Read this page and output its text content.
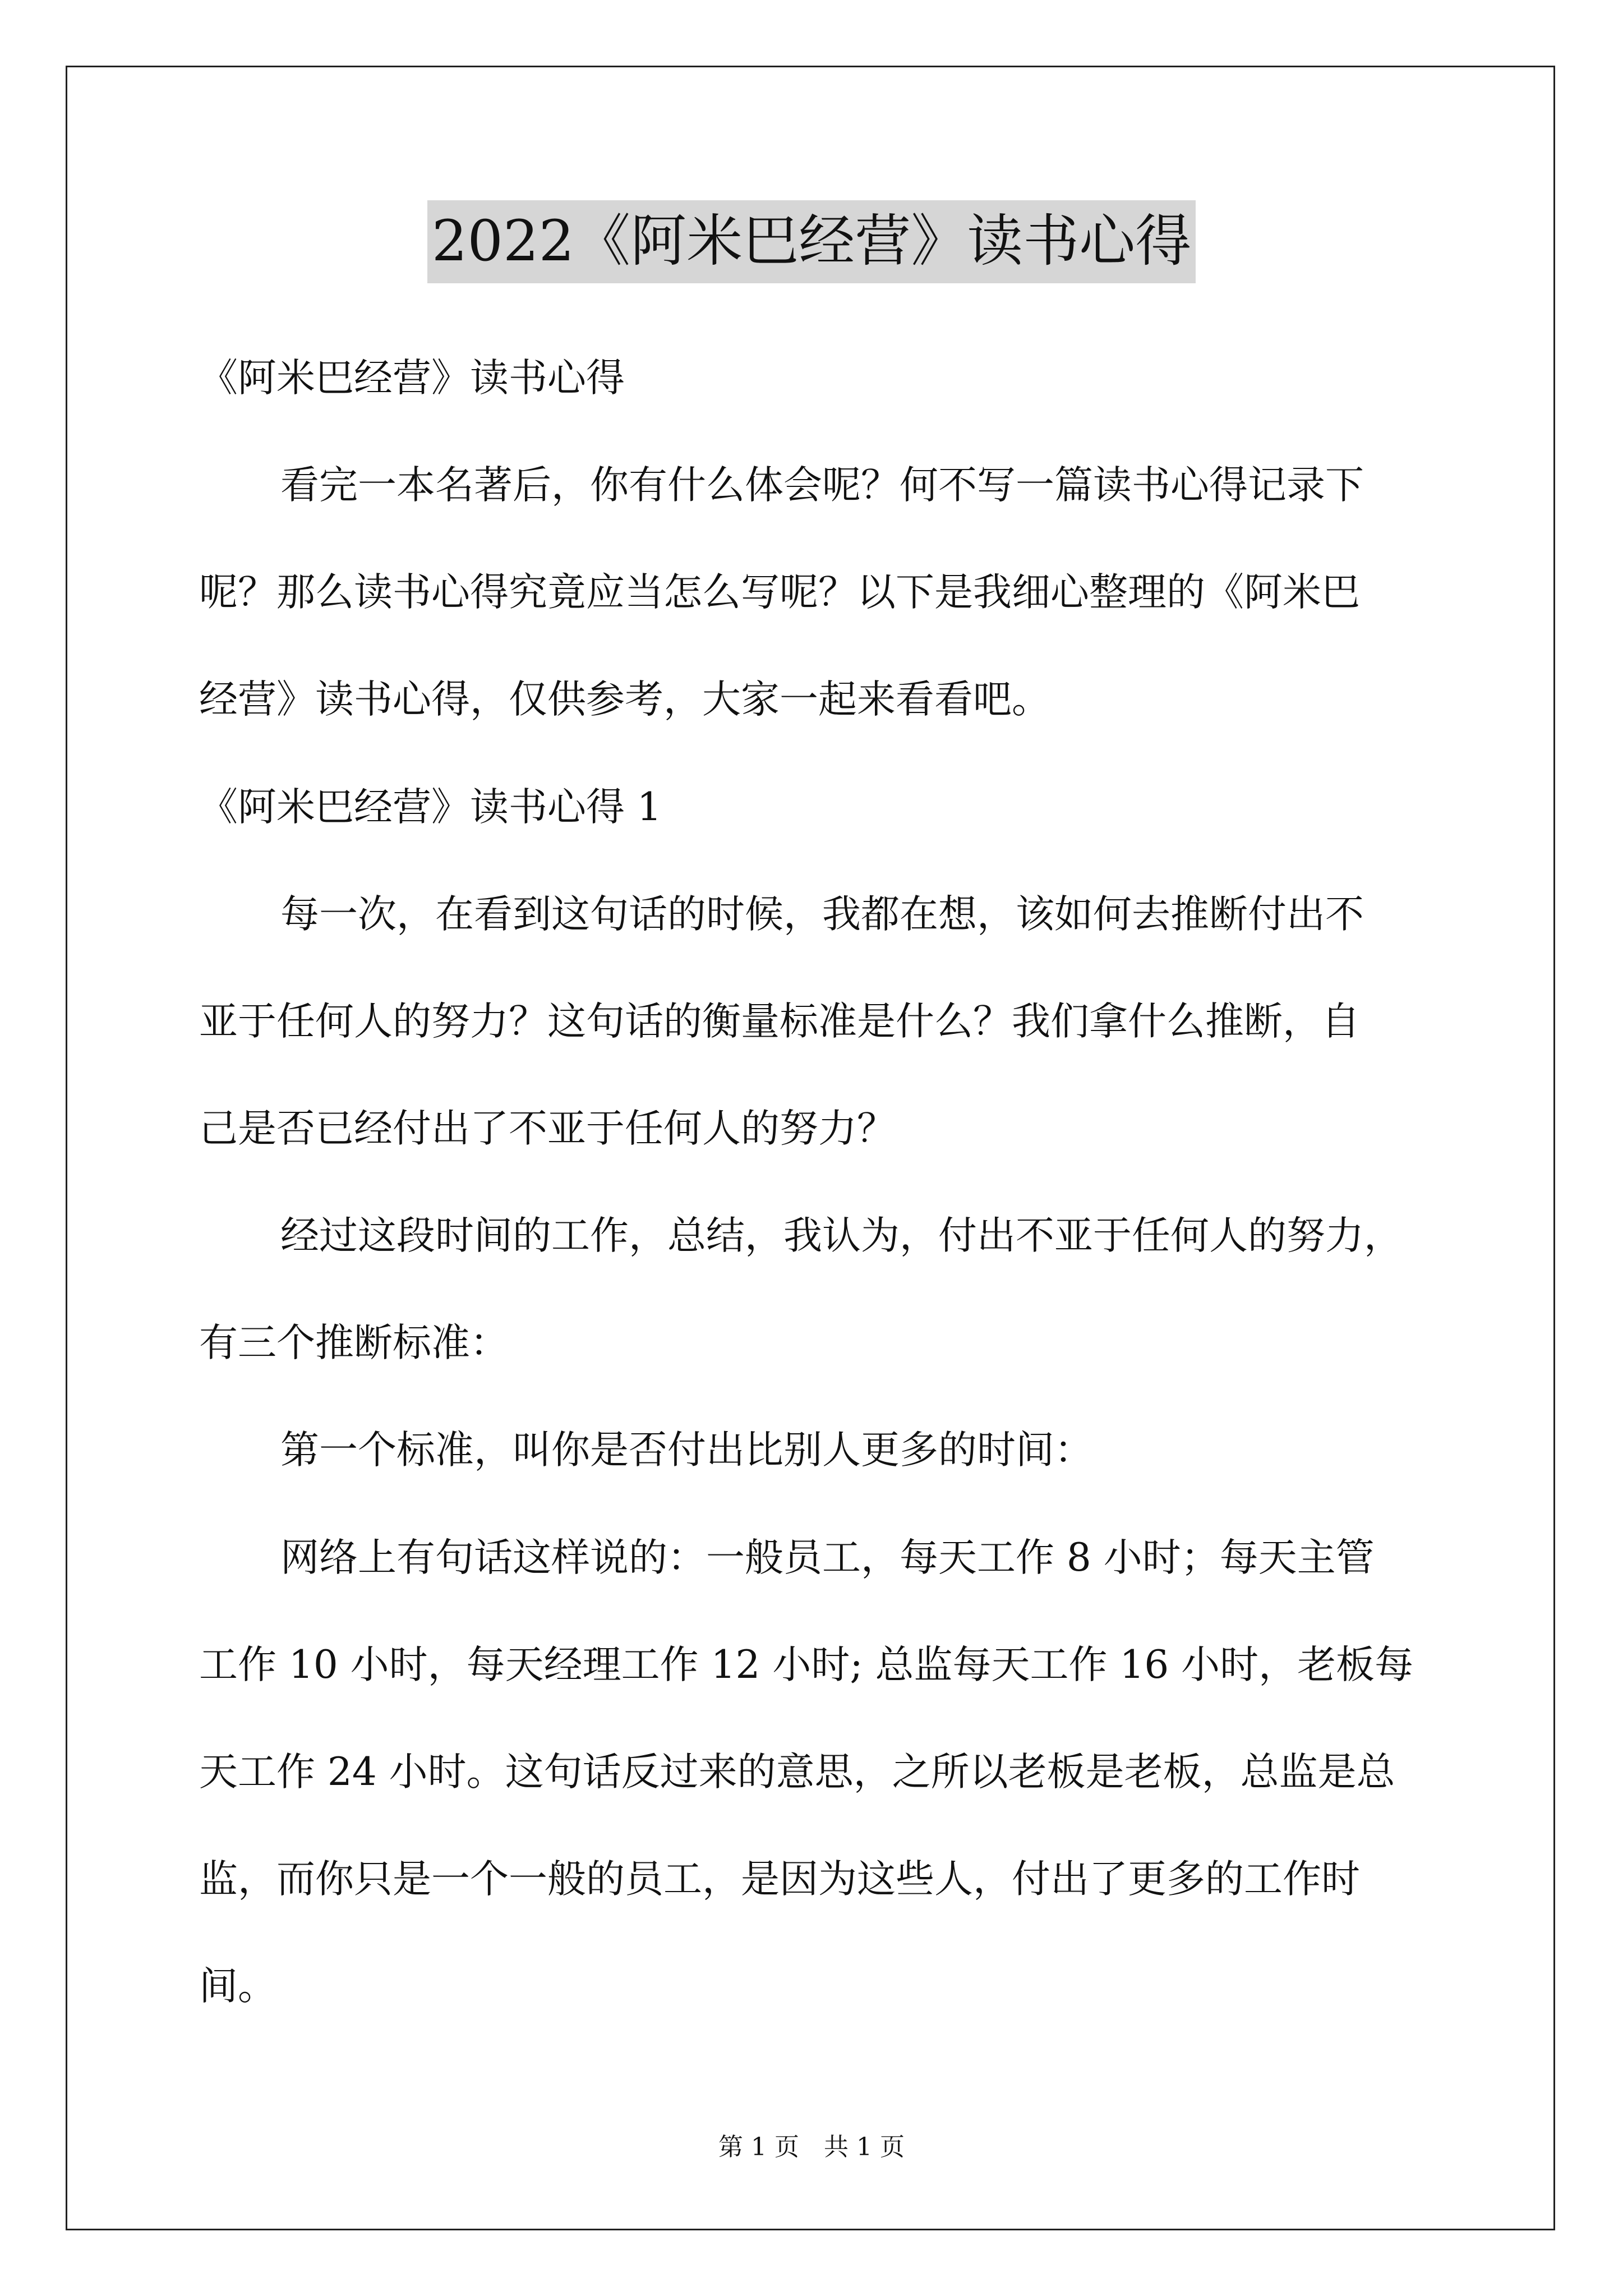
2022《阿米巴经营》读书心得
《阿米巴经营》读书心得
看完一本名著后，你有什么体会呢？何不写一篇读书心得记录下
呢？那么读书心得究竟应当怎么写呢？以下是我细心整理的《阿米巴
经营》读书心得，仅供参考，大家一起来看看吧。
《阿米巴经营》读书心得 1
每一次，在看到这句话的时候，我都在想，该如何去推断付出不
亚于任何人的努力？这句话的衡量标准是什么？我们拿什么推断，自
己是否已经付出了不亚于任何人的努力？
经过这段时间的工作，总结，我认为，付出不亚于任何人的努力，
有三个推断标准：
第一个标准，叫你是否付出比别人更多的时间：
网络上有句话这样说的：一般员工，每天工作 8 小时；每天主管
工作 10 小时，每天经理工作 12 小时; 总监每天工作 16 小时，老板每
天工作 24 小时。这句话反过来的意思，之所以老板是老板，总监是总
监，而你只是一个一般的员工，是因为这些人，付出了更多的工作时
间。
第 1 页　共 1 页
